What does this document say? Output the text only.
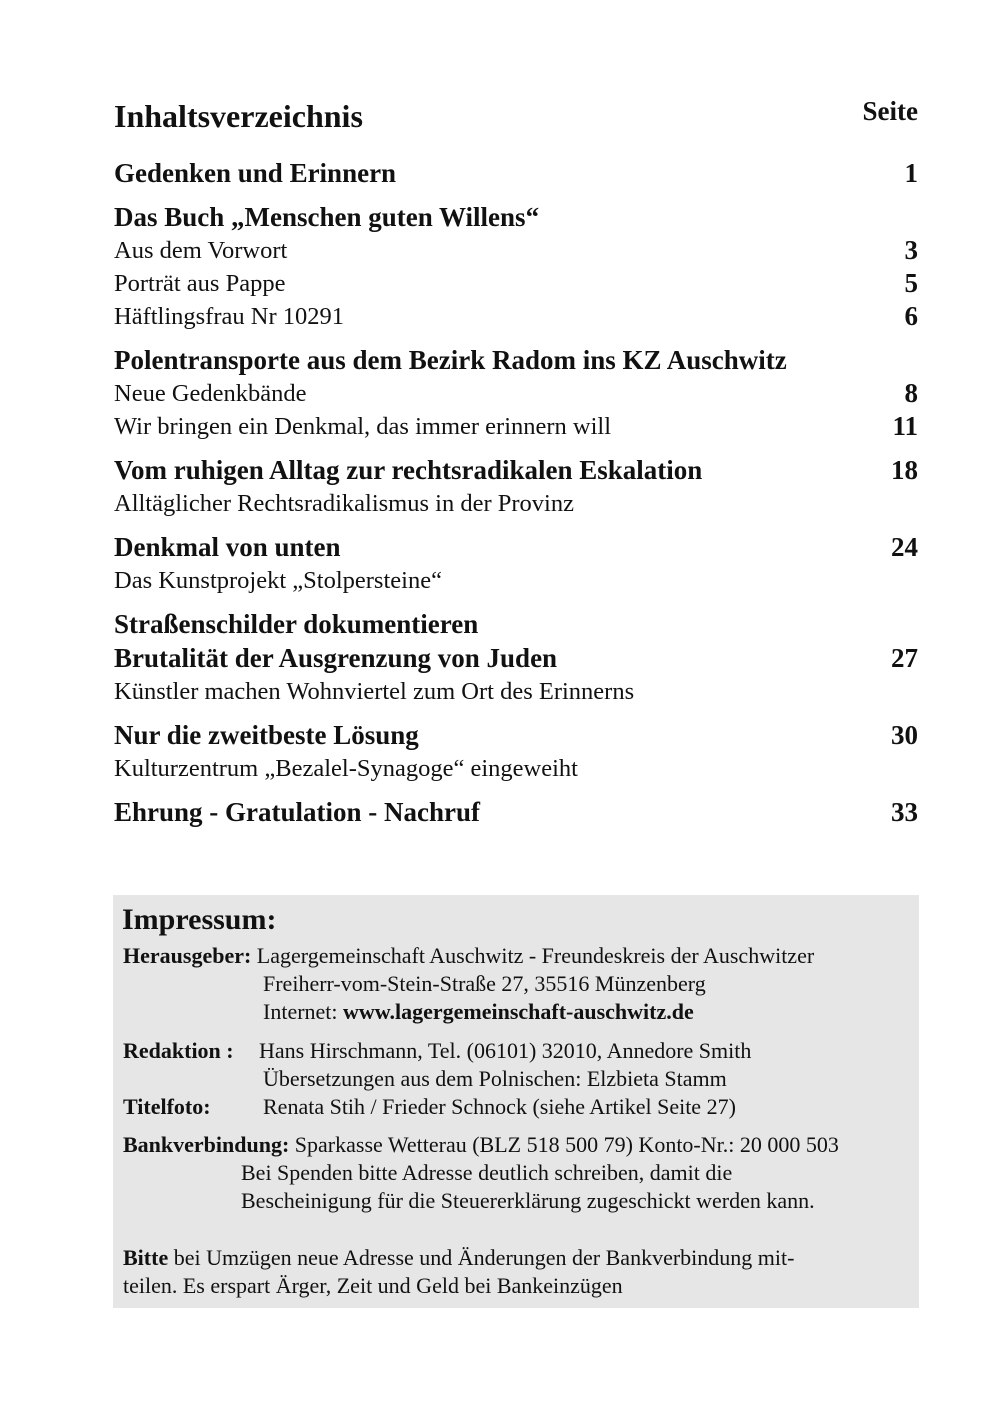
Inhaltsverzeichnis	Seite
Gedenken und Erinnern	1
Das Buch „Menschen guten Willens“
Aus dem Vorwort	3
Porträt aus Pappe	5
Häftlingsfrau Nr 10291	6
Polentransporte aus dem Bezirk Radom ins KZ Auschwitz
Neue Gedenkbände	8
Wir bringen ein Denkmal, das immer erinnern will	11
Vom ruhigen Alltag zur rechtsradikalen Eskalation	18
Alltäglicher Rechtsradikalismus in der Provinz
Denkmal von unten	24
Das Kunstprojekt „Stolpersteine“
Straßenschilder dokumentieren
Brutalität der Ausgrenzung von Juden	27
Künstler machen Wohnviertel zum Ort des Erinnerns
Nur die zweitbeste Lösung	30
Kulturzentrum „Bezalel-Synagoge“ eingeweiht
Ehrung - Gratulation - Nachruf	33
Impressum:
Herausgeber: Lagergemeinschaft Auschwitz - Freundeskreis der Auschwitzer
Freiherr-vom-Stein-Straße 27, 35516 Münzenberg
Internet: www.lagergemeinschaft-auschwitz.de
Redaktion : Hans Hirschmann, Tel. (06101) 32010, Annedore Smith
Übersetzungen aus dem Polnischen: Elzbieta Stamm
Titelfoto: Renata Stih / Frieder Schnock (siehe Artikel Seite 27)
Bankverbindung: Sparkasse Wetterau (BLZ 518 500 79) Konto-Nr.: 20 000 503
Bei Spenden bitte Adresse deutlich schreiben, damit die
Bescheinigung für die Steuererklärung zugeschickt werden kann.
Bitte bei Umzügen neue Adresse und Änderungen der Bankverbindung mit-
teilen. Es erspart Ärger, Zeit und Geld bei Bankeinzügen
